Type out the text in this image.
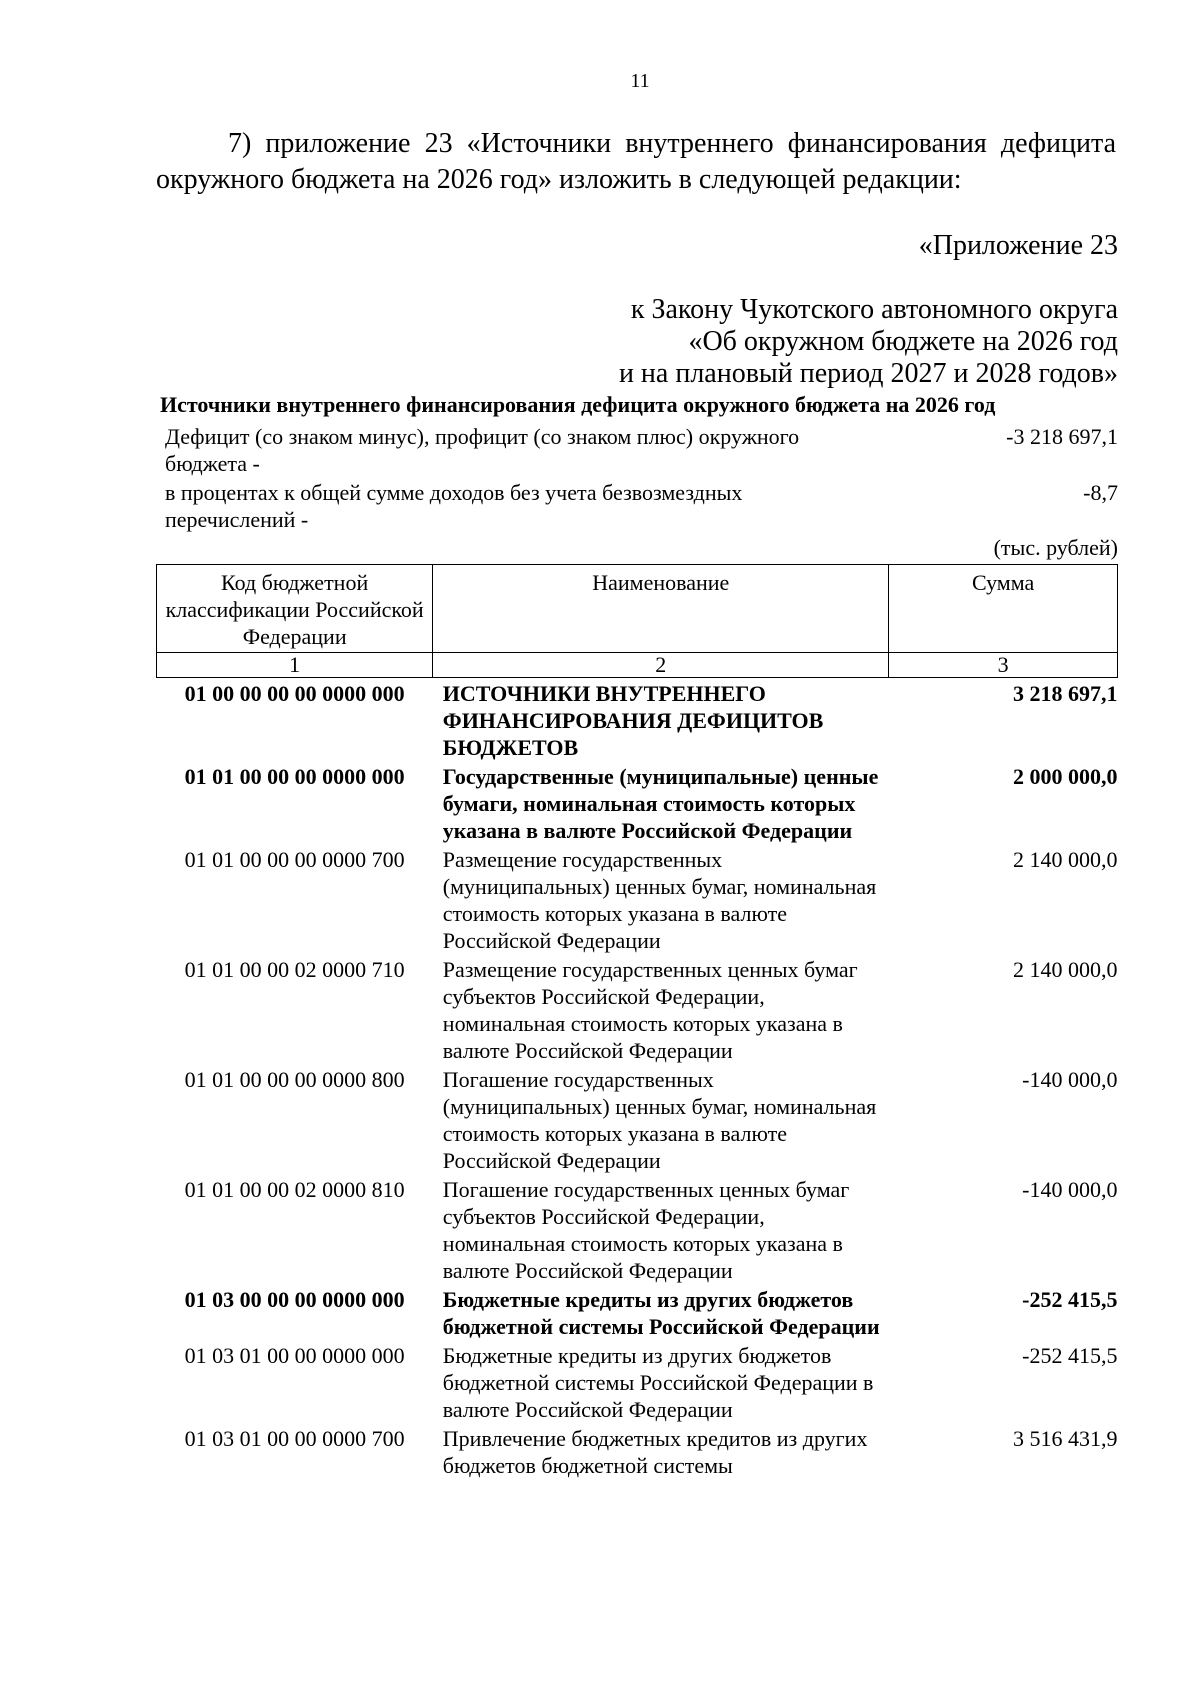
11
7) приложение 23 «Источники внутреннего финансирования дефицита окружного бюджета на 2026 год» изложить в следующей редакции:
«Приложение 23
к Закону Чукотского автономного округа
«Об окружном бюджете на 2026 год
и на плановый период 2027 и 2028 годов»
Источники внутреннего финансирования дефицита окружного бюджета на 2026 год
Дефицит (со знаком минус), профицит (со знаком плюс) окружного бюджета -
-3 218 697,1
в процентах к общей сумме доходов без учета безвозмездных перечислений -
-8,7
(тыс. рублей)
Код бюджетной классификации Российской Федерации	Наименование	Сумма
1	2	3
01 00 00 00 00 0000 000	ИСТОЧНИКИ ВНУТРЕННЕГО ФИНАНСИРОВАНИЯ ДЕФИЦИТОВ БЮДЖЕТОВ	3 218 697,1
01 01 00 00 00 0000 000	Государственные (муниципальные) ценные бумаги, номинальная стоимость которых указана в валюте Российской Федерации	2 000 000,0
01 01 00 00 00 0000 700	Размещение государственных (муниципальных) ценных бумаг, номинальная стоимость которых указана в валюте Российской Федерации	2 140 000,0
01 01 00 00 02 0000 710	Размещение государственных ценных бумаг субъектов Российской Федерации, номинальная стоимость которых указана в валюте Российской Федерации	2 140 000,0
01 01 00 00 00 0000 800	Погашение государственных (муниципальных) ценных бумаг, номинальная стоимость которых указана в валюте Российской Федерации	-140 000,0
01 01 00 00 02 0000 810	Погашение государственных ценных бумаг субъектов Российской Федерации, номинальная стоимость которых указана в валюте Российской Федерации	-140 000,0
01 03 00 00 00 0000 000	Бюджетные кредиты из других бюджетов бюджетной системы Российской Федерации	-252 415,5
01 03 01 00 00 0000 000	Бюджетные кредиты из других бюджетов бюджетной системы Российской Федерации в валюте Российской Федерации	-252 415,5
01 03 01 00 00 0000 700	Привлечение бюджетных кредитов из других бюджетов бюджетной системы	3 516 431,9
